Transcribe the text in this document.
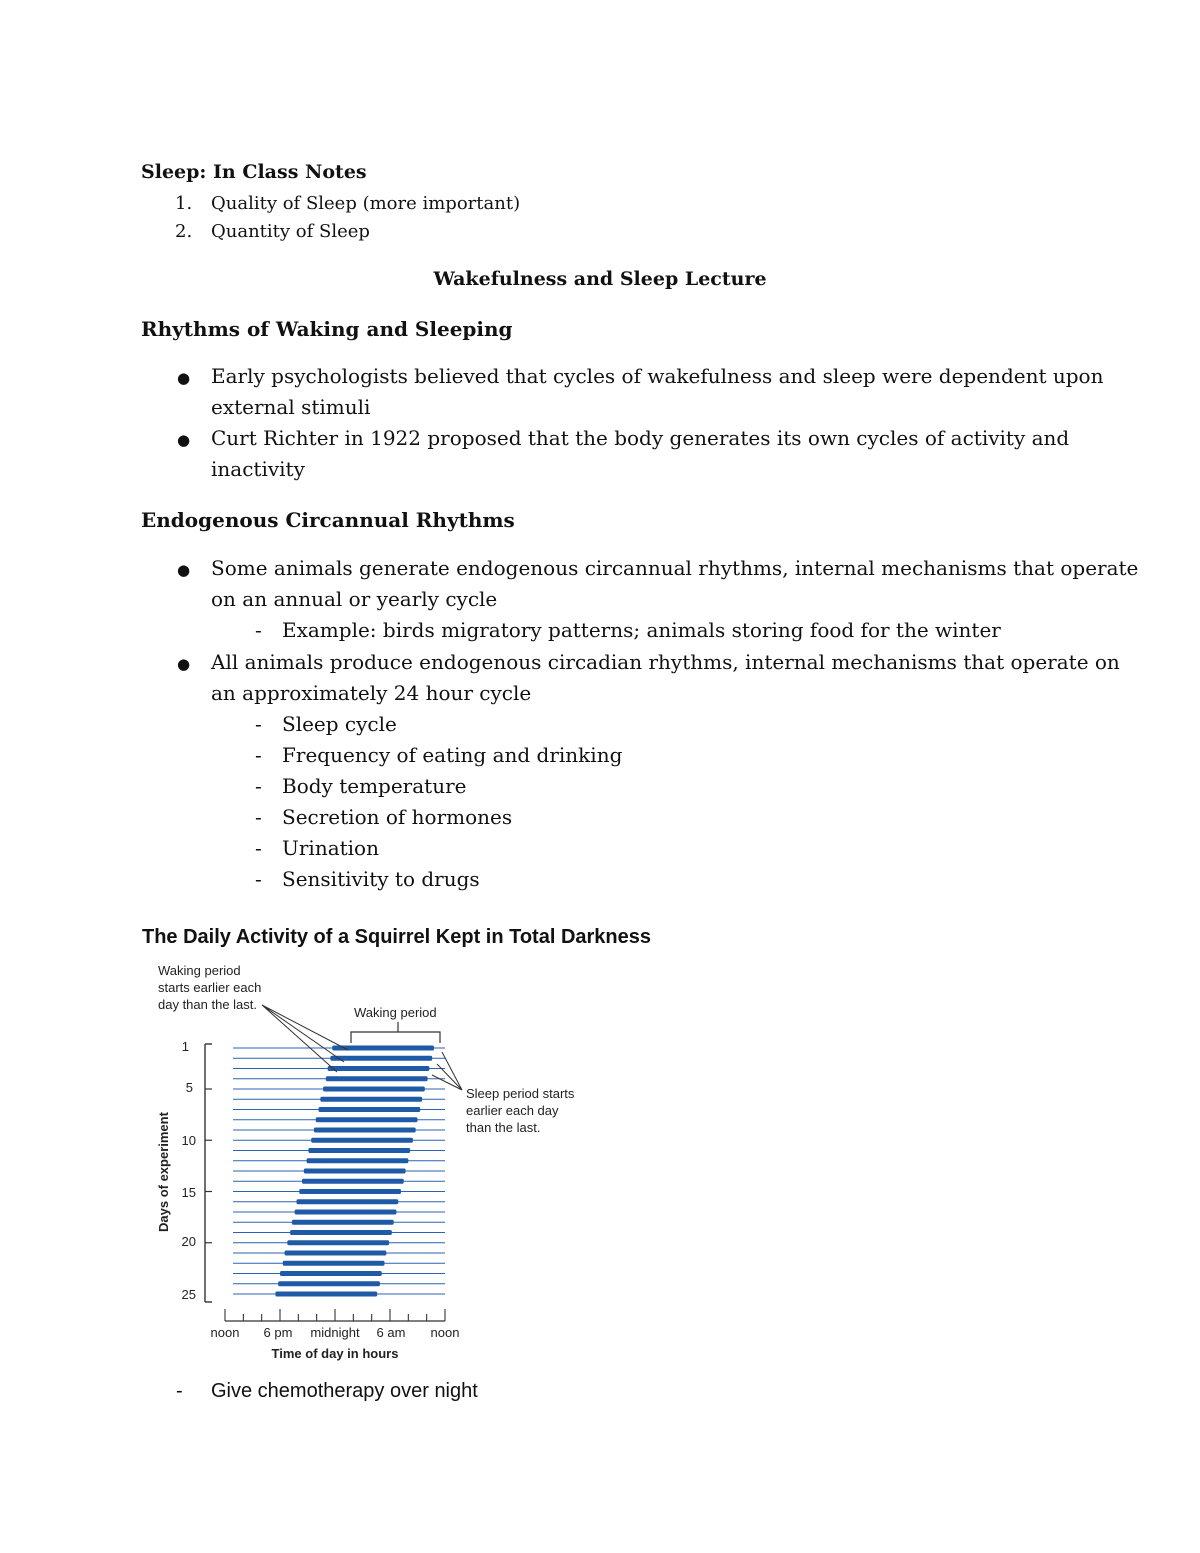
Sleep: In Class Notes
1. Quality of Sleep (more important)
2. Quantity of Sleep
Wakefulness and Sleep Lecture
Rhythms of Waking and Sleeping
● Early psychologists believed that cycles of wakefulness and sleep were dependent upon
external stimuli
● Curt Richter in 1922 proposed that the body generates its own cycles of activity and
inactivity
Endogenous Circannual Rhythms
● Some animals generate endogenous circannual rhythms, internal mechanisms that operate
on an annual or yearly cycle
- Example: birds migratory patterns; animals storing food for the winter
● All animals produce endogenous circadian rhythms, internal mechanisms that operate on
an approximately 24 hour cycle
- Sleep cycle
- Frequency of eating and drinking
- Body temperature
- Secretion of hormones
- Urination
- Sensitivity to drugs
The Daily Activity of a Squirrel Kept in Total Darkness
Waking period
starts earlier each
day than the last.
Waking period
Sleep period starts
earlier each day
than the last.
1
5
10
15
20
25
Days of experiment
noon 6 pm midnight 6 am noon
Time of day in hours
- Give chemotherapy over night
